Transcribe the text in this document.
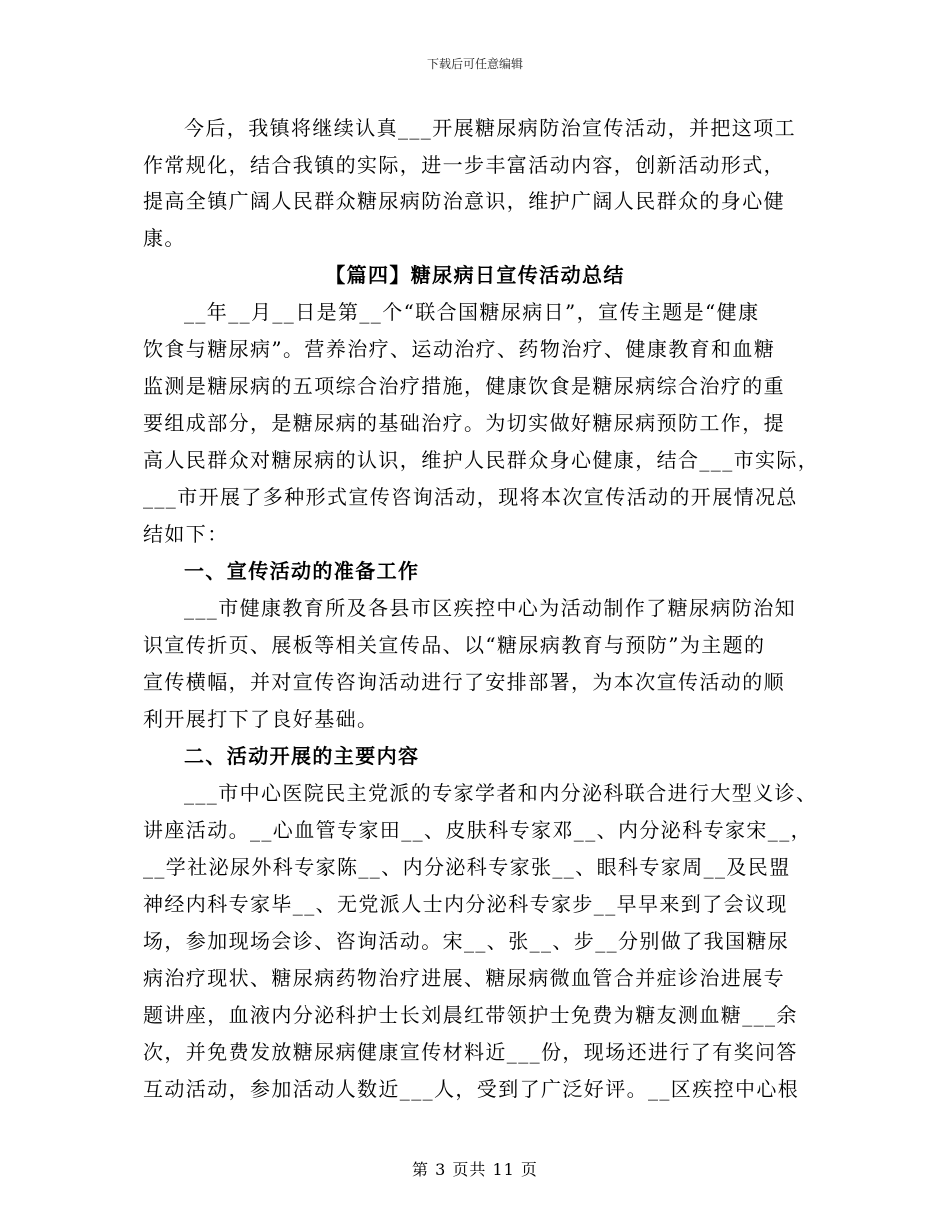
下载后可任意编辑
今后，我镇将继续认真___开展糖尿病防治宣传活动，并把这项工
作常规化，结合我镇的实际，进一步丰富活动内容，创新活动形式，
提高全镇广阔人民群众糖尿病防治意识，维护广阔人民群众的身心健
康。
【篇四】糖尿病日宣传活动总结
__年__月__日是第__个“联合国糖尿病日”，宣传主题是“健康
饮食与糖尿病”。营养治疗、运动治疗、药物治疗、健康教育和血糖
监测是糖尿病的五项综合治疗措施，健康饮食是糖尿病综合治疗的重
要组成部分，是糖尿病的基础治疗。为切实做好糖尿病预防工作，提
高人民群众对糖尿病的认识，维护人民群众身心健康，结合___市实际，
___市开展了多种形式宣传咨询活动，现将本次宣传活动的开展情况总
结如下：
一、宣传活动的准备工作
___市健康教育所及各县市区疾控中心为活动制作了糖尿病防治知
识宣传折页、展板等相关宣传品、以“糖尿病教育与预防”为主题的
宣传横幅，并对宣传咨询活动进行了安排部署，为本次宣传活动的顺
利开展打下了良好基础。
二、活动开展的主要内容
___市中心医院民主党派的专家学者和内分泌科联合进行大型义诊、
讲座活动。__心血管专家田__、皮肤科专家邓__、内分泌科专家宋__，
__学社泌尿外科专家陈__、内分泌科专家张__、眼科专家周__及民盟
神经内科专家毕__、无党派人士内分泌科专家步__早早来到了会议现
场，参加现场会诊、咨询活动。宋__、张__、步__分别做了我国糖尿
病治疗现状、糖尿病药物治疗进展、糖尿病微血管合并症诊治进展专
题讲座，血液内分泌科护士长刘晨红带领护士免费为糖友测血糖___余
次，并免费发放糖尿病健康宣传材料近___份，现场还进行了有奖问答
互动活动，参加活动人数近___人，受到了广泛好评。__区疾控中心根
第 3 页共 11 页
